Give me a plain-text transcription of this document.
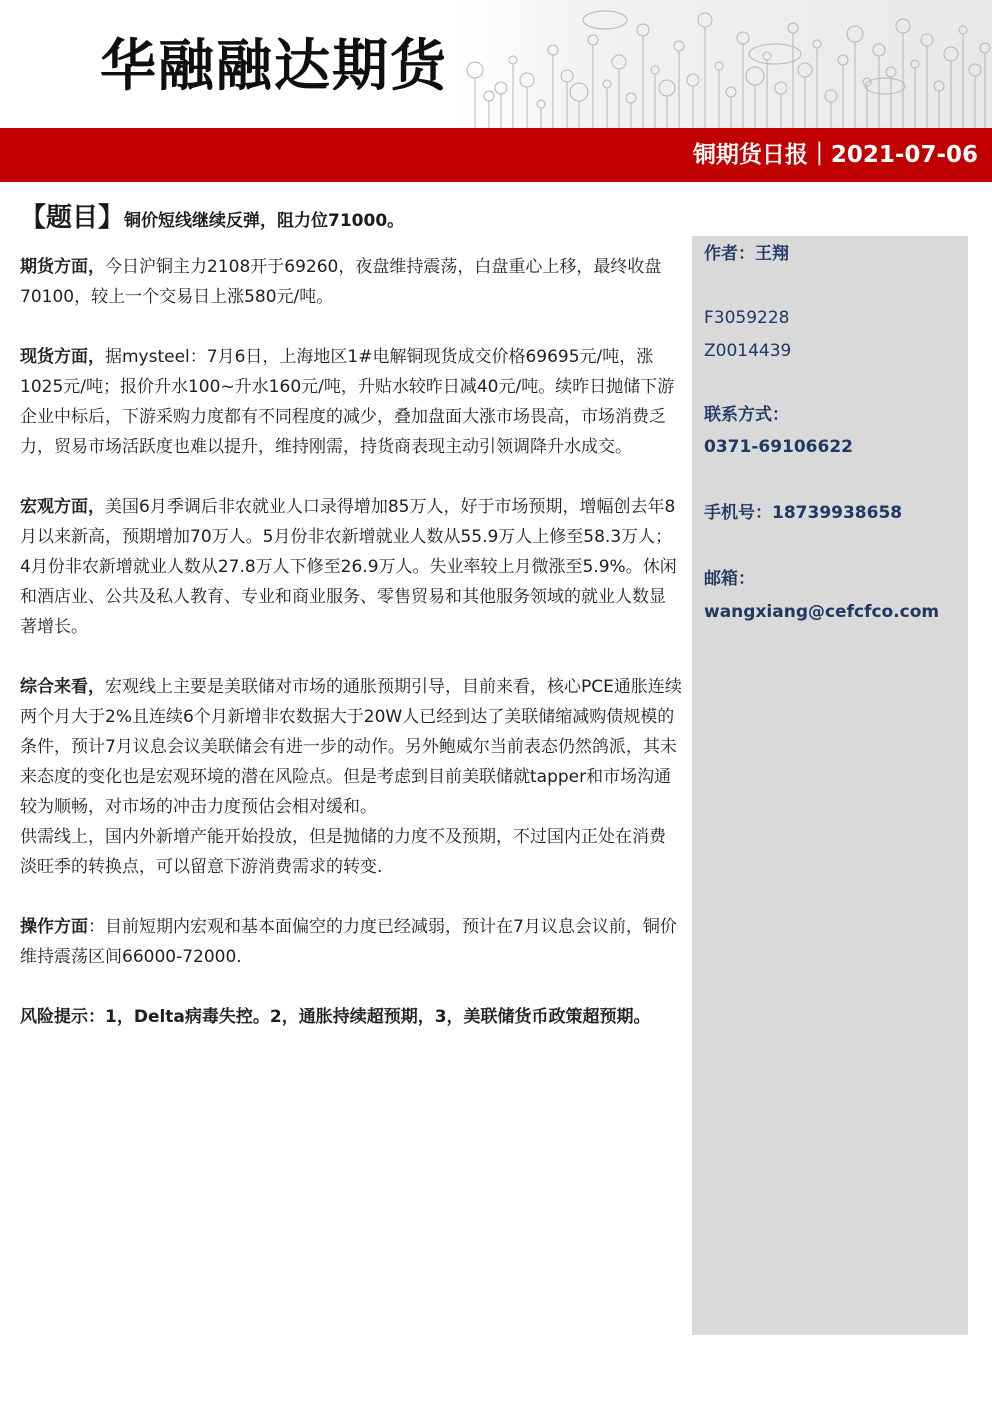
华融融达期货
铜期货日报｜2021-07-06
【题目】铜价短线继续反弹，阻力位71000。

期货方面，今日沪铜主力2108开于69260，夜盘维持震荡，白盘重心上移，最终收盘70100，较上一个交易日上涨580元/吨。

现货方面，据mysteel：7月6日，上海地区1#电解铜现货成交价格69695元/吨，涨1025元/吨；报价升水100~升水160元/吨，升贴水较昨日减40元/吨。续昨日抛储下游企业中标后，下游采购力度都有不同程度的减少，叠加盘面大涨市场畏高，市场消费乏力，贸易市场活跃度也难以提升，维持刚需，持货商表现主动引领调降升水成交。

宏观方面，美国6月季调后非农就业人口录得增加85万人，好于市场预期，增幅创去年8月以来新高，预期增加70万人。5月份非农新增就业人数从55.9万人上修至58.3万人；4月份非农新增就业人数从27.8万人下修至26.9万人。失业率较上月微涨至5.9%。休闲和酒店业、公共及私人教育、专业和商业服务、零售贸易和其他服务领域的就业人数显著增长。

综合来看，宏观线上主要是美联储对市场的通胀预期引导，目前来看，核心PCE通胀连续两个月大于2%且连续6个月新增非农数据大于20W人已经到达了美联储缩减购债规模的条件，预计7月议息会议美联储会有进一步的动作。另外鲍威尔当前表态仍然鸽派，其未来态度的变化也是宏观环境的潜在风险点。但是考虑到目前美联储就tapper和市场沟通较为顺畅，对市场的冲击力度预估会相对缓和。

供需线上，国内外新增产能开始投放，但是抛储的力度不及预期，不过国内正处在消费淡旺季的转换点，可以留意下游消费需求的转变.

操作方面：目前短期内宏观和基本面偏空的力度已经减弱，预计在7月议息会议前，铜价维持震荡区间66000-72000.

风险提示：1，Delta病毒失控。2，通胀持续超预期，3，美联储货币政策超预期。

作者：王翔
F3059228
Z0014439
联系方式：
0371-69106622
手机号：18739938658
邮箱：
wangxiang@cefcfco.com
